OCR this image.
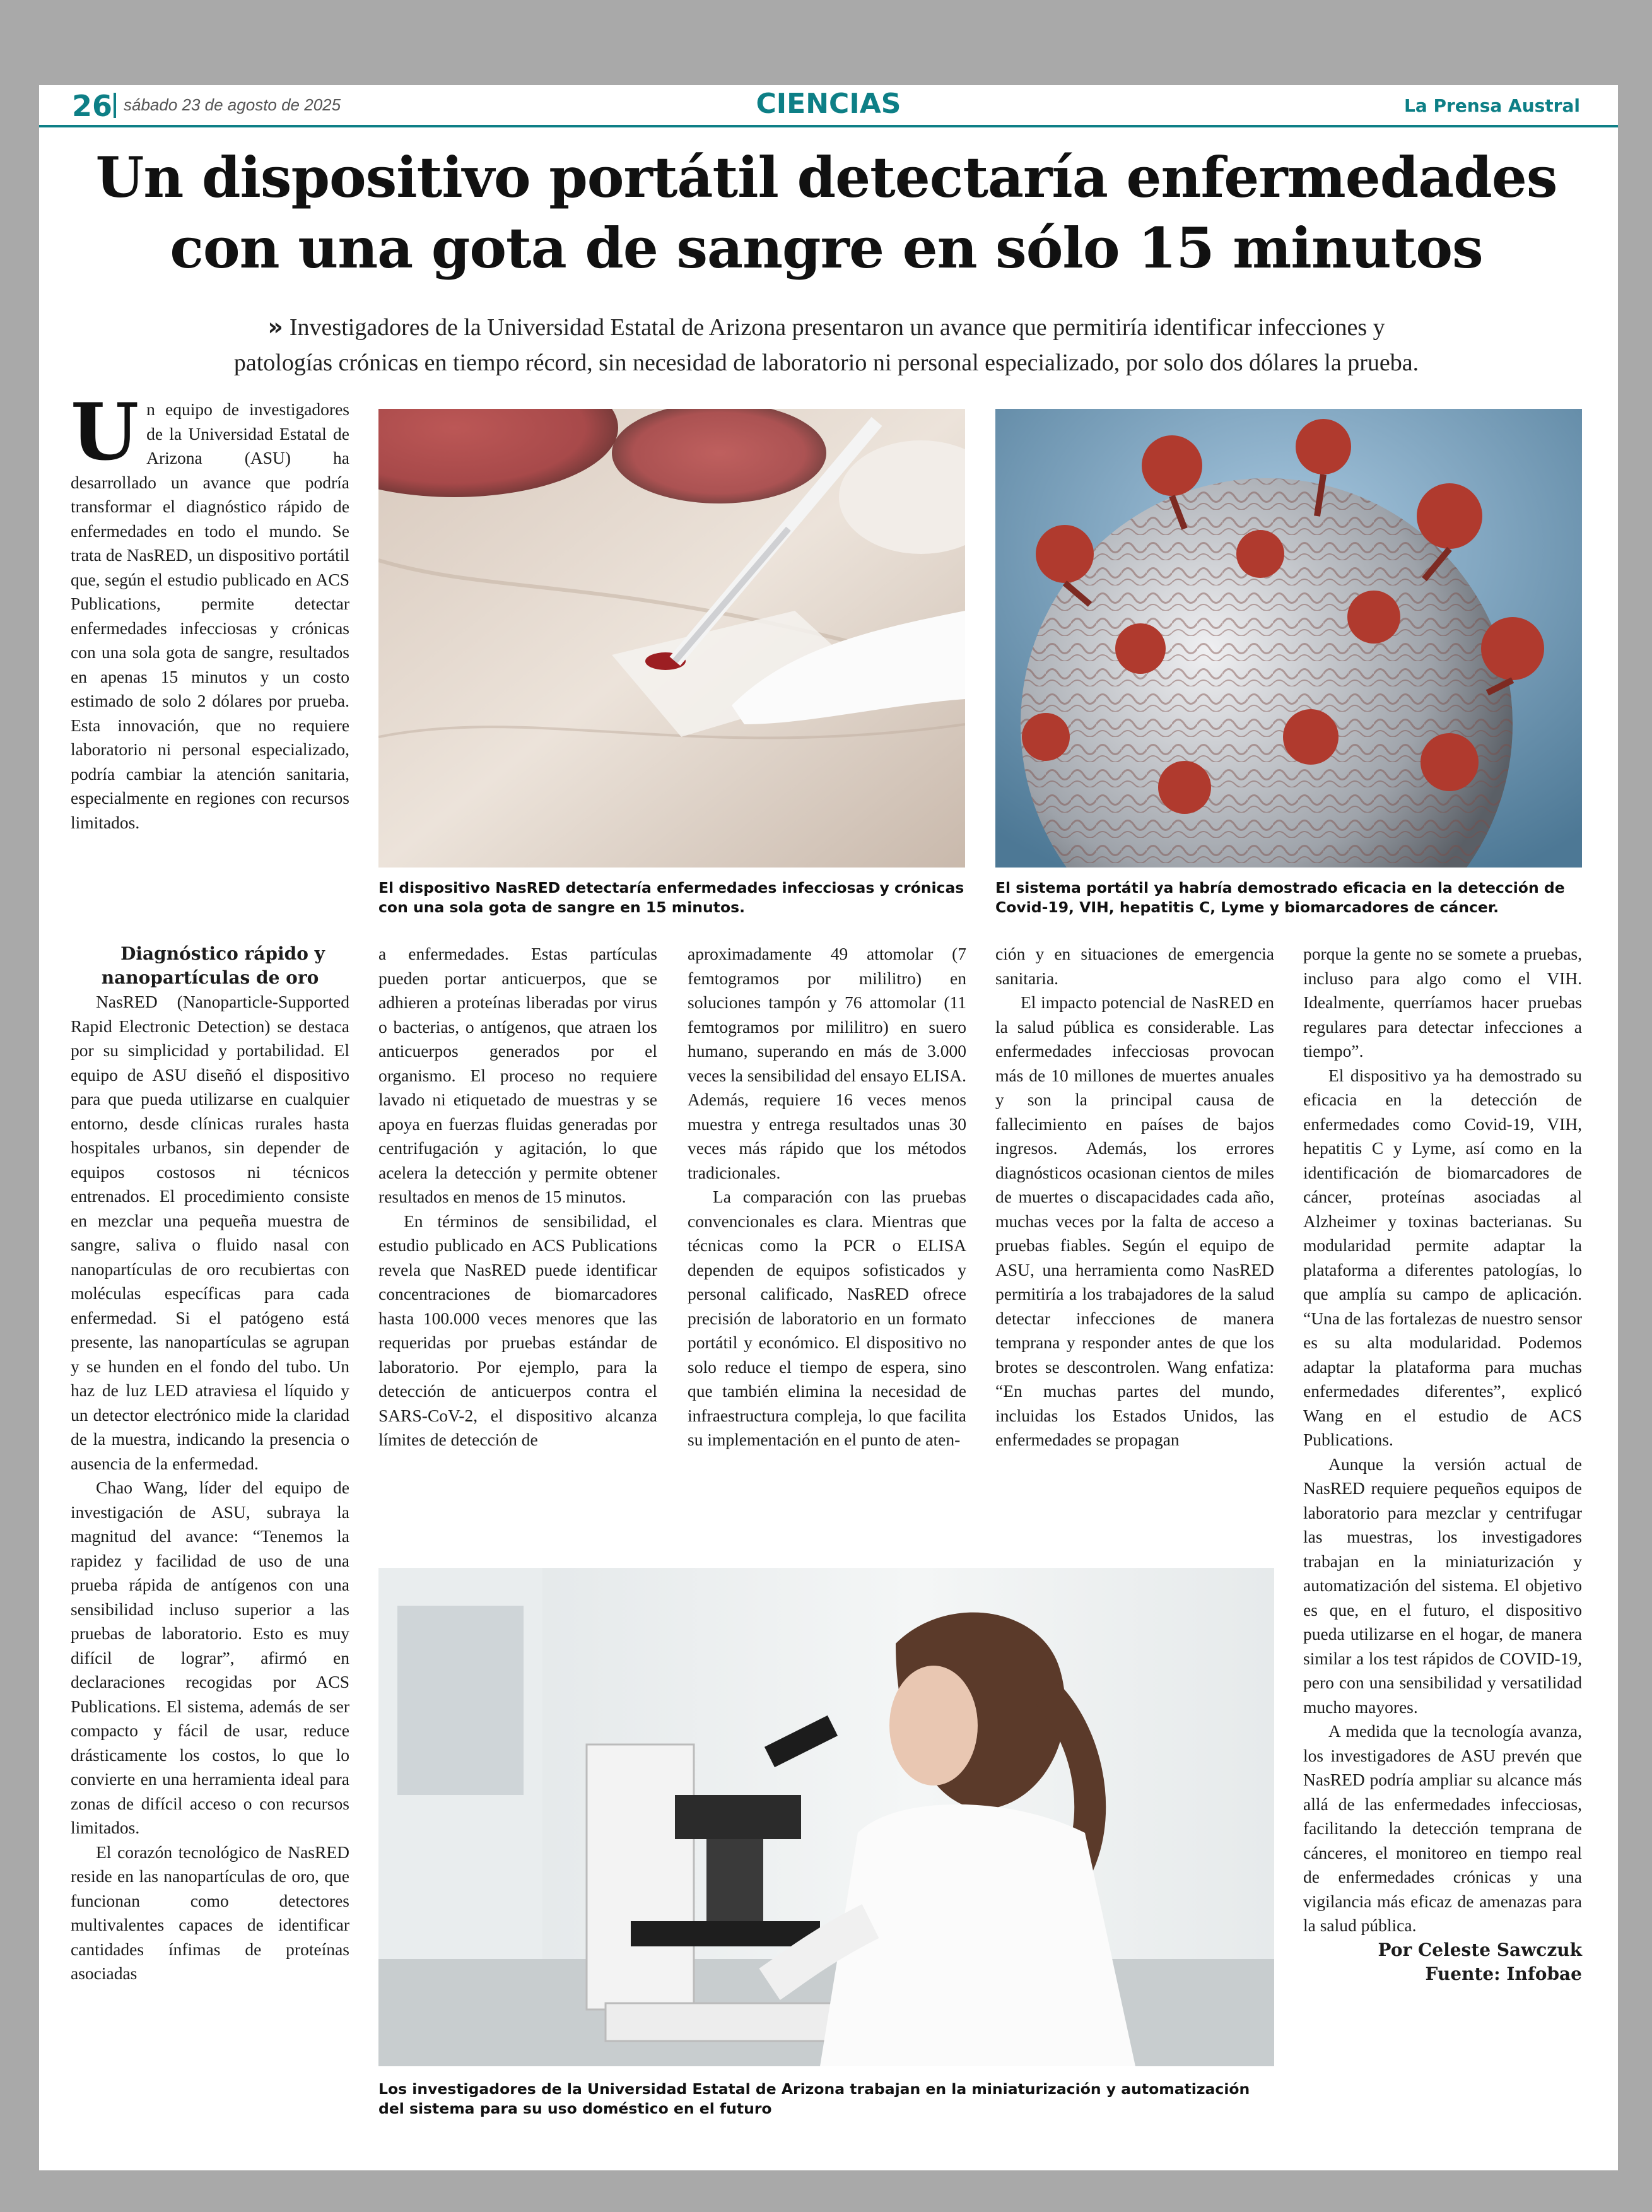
26 sábado 23 de agosto de 2025	CIENCIAS	La Prensa Austral
Un dispositivo portátil detectaría enfermedades
con una gota de sangre en sólo 15 minutos
» Investigadores de la Universidad Estatal de Arizona presentaron un avance que permitiría identificar infecciones y
patologías crónicas en tiempo récord, sin necesidad de laboratorio ni personal especializado, por solo dos dólares la prueba.
U n equipo de investigadores de la Universidad Estatal de Arizona (ASU) ha desarrollado un avance que podría transformar el diagnóstico rápido de enfermedades en todo el mundo. Se trata de NasRED, un dispositivo portátil que, según el estudio publicado en ACS Publications, permite detectar enfermedades infecciosas y crónicas con una sola gota de sangre, resultados en apenas 15 minutos y un costo estimado de solo 2 dólares por prueba. Esta innovación, que no requiere laboratorio ni personal especializado, podría cambiar la atención sanitaria, especialmente en regiones con recursos limitados.

Diagnóstico rápido y nanopartículas de oro

NasRED (Nanoparticle-Supported Rapid Electronic Detection) se destaca por su simplicidad y portabilidad. El equipo de ASU diseñó el dispositivo para que pueda utilizarse en cualquier entorno, desde clínicas rurales hasta hospitales urbanos, sin depender de equipos costosos ni técnicos entrenados. El procedimiento consiste en mezclar una pequeña muestra de sangre, saliva o fluido nasal con nanopartículas de oro recubiertas con moléculas específicas para cada enfermedad. Si el patógeno está presente, las nanopartículas se agrupan y se hunden en el fondo del tubo. Un haz de luz LED atraviesa el líquido y un detector electrónico mide la claridad de la muestra, indicando la presencia o ausencia de la enfermedad.

Chao Wang, líder del equipo de investigación de ASU, subraya la magnitud del avance: “Tenemos la rapidez y facilidad de uso de una prueba rápida de antígenos con una sensibilidad incluso superior a las pruebas de laboratorio. Esto es muy difícil de lograr”, afirmó en declaraciones recogidas por ACS Publications. El sistema, además de ser compacto y fácil de usar, reduce drásticamente los costos, lo que lo convierte en una herramienta ideal para zonas de difícil acceso o con recursos limitados.

El corazón tecnológico de NasRED reside en las nanopartículas de oro, que funcionan como detectores multivalentes capaces de identificar cantidades ínfimas de proteínas asociadas

El dispositivo NasRED detectaría enfermedades infecciosas y crónicas con una sola gota de sangre en 15 minutos.
El sistema portátil ya habría demostrado eficacia en la detección de Covid-19, VIH, hepatitis C, Lyme y biomarcadores de cáncer.

a enfermedades. Estas partículas pueden portar anticuerpos, que se adhieren a proteínas liberadas por virus o bacterias, o antígenos, que atraen los anticuerpos generados por el organismo. El proceso no requiere lavado ni etiquetado de muestras y se apoya en fuerzas fluidas generadas por centrifugación y agitación, lo que acelera la detección y permite obtener resultados en menos de 15 minutos.

En términos de sensibilidad, el estudio publicado en ACS Publications revela que NasRED puede identificar concentraciones de biomarcadores hasta 100.000 veces menores que las requeridas por pruebas estándar de laboratorio. Por ejemplo, para la detección de anticuerpos contra el SARS-CoV-2, el dispositivo alcanza límites de detección de

aproximadamente 49 attomolar (7 femtogramos por mililitro) en soluciones tampón y 76 attomolar (11 femtogramos por mililitro) en suero humano, superando en más de 3.000 veces la sensibilidad del ensayo ELISA. Además, requiere 16 veces menos muestra y entrega resultados unas 30 veces más rápido que los métodos tradicionales.

La comparación con las pruebas convencionales es clara. Mientras que técnicas como la PCR o ELISA dependen de equipos sofisticados y personal calificado, NasRED ofrece precisión de laboratorio en un formato portátil y económico. El dispositivo no solo reduce el tiempo de espera, sino que también elimina la necesidad de infraestructura compleja, lo que facilita su implementación en el punto de aten-

ción y en situaciones de emergencia sanitaria.

El impacto potencial de NasRED en la salud pública es considerable. Las enfermedades infecciosas provocan más de 10 millones de muertes anuales y son la principal causa de fallecimiento en países de bajos ingresos. Además, los errores diagnósticos ocasionan cientos de miles de muertes o discapacidades cada año, muchas veces por la falta de acceso a pruebas fiables. Según el equipo de ASU, una herramienta como NasRED permitiría a los trabajadores de la salud detectar infecciones de manera temprana y responder antes de que los brotes se descontrolen. Wang enfatiza: “En muchas partes del mundo, incluidas los Estados Unidos, las enfermedades se propagan

porque la gente no se somete a pruebas, incluso para algo como el VIH. Idealmente, querríamos hacer pruebas regulares para detectar infecciones a tiempo”.

El dispositivo ya ha demostrado su eficacia en la detección de enfermedades como Covid-19, VIH, hepatitis C y Lyme, así como en la identificación de biomarcadores de cáncer, proteínas asociadas al Alzheimer y toxinas bacterianas. Su modularidad permite adaptar la plataforma a diferentes patologías, lo que amplía su campo de aplicación. “Una de las fortalezas de nuestro sensor es su alta modularidad. Podemos adaptar la plataforma para muchas enfermedades diferentes”, explicó Wang en el estudio de ACS Publications.

Aunque la versión actual de NasRED requiere pequeños equipos de laboratorio para mezclar y centrifugar las muestras, los investigadores trabajan en la miniaturización y automatización del sistema. El objetivo es que, en el futuro, el dispositivo pueda utilizarse en el hogar, de manera similar a los test rápidos de COVID-19, pero con una sensibilidad y versatilidad mucho mayores.

A medida que la tecnología avanza, los investigadores de ASU prevén que NasRED podría ampliar su alcance más allá de las enfermedades infecciosas, facilitando la detección temprana de cánceres, el monitoreo en tiempo real de enfermedades crónicas y una vigilancia más eficaz de amenazas para la salud pública.

Por Celeste Sawczuk
Fuente: Infobae
Los investigadores de la Universidad Estatal de Arizona trabajan en la miniaturización y automatización del sistema para su uso doméstico en el futuro
